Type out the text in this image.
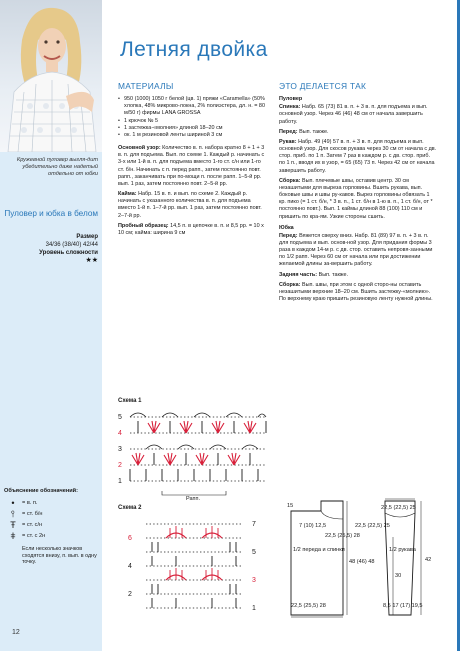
Кружевной пуловер выгля-дит убедительно даже надетый отдельно от юбки
Пуловер и юбка в белом
Размер
34/36 (38/40) 42/44
Уровень сложности
★★
Объяснение обозначений:
•	= в. п.
⫯	= ст. б/н
Ŧ	= ст. с/н
ǂ	= ст. с 2н
Если несколько значков сходятся внизу, п. вып. в одну точку.
12
Летняя двойка
МАТЕРИАЛЫ
• 950 (1000) 1050 г белой (цв. 1) пряжи «Caramella» (50% хлопка, 48% микрово-локна, 2% полиэстера, дл. н. = 80 м/50 г) фирмы LANA GROSSA
• 1 крючок № 5
• 1 застежка-«молния» длиной 18–20 см
• ок. 1 м резиновой ленты шириной 3 см

Основной узор: Количество в. п. набора кратно 8 + 1 + 3 в. п. для подъема. Вып. по схеме 1. Каждый р. начинать с 3-х или 1-й в. п. для подъема вместо 1-го ст. с/н или 1-го ст. б/н. Начинать с п. перед рапп., затем постоянно повт. рапп., заканчивать при по-мощи п. после рапп. 1–5-й рр. вып. 1 раз, затем постоянно повт. 2–5-й рр.

Кайма: Набр. 15 в. п. и вып. по схеме 2. Каждый р. начинать с указанного количества в. п. для подъема вместо 1-й п. 1–7-й рр. вып. 1 раз, затем постоянно повт. 2–7-й рр.

Пробный образец: 14,5 п. в цепочке в. п. и 8,5 рр. = 10 х 10 см; кайма: ширина 9 см

ЭТО ДЕЛАЕТСЯ ТАК

Пуловер

Спинка: Набр. 65 (73) 81 в. п. + 3 в. п. для подъема и вып. основной узор. Через 46 (46) 48 см от начала завершить работу.

Перед: Вып. также.

Рукав: Набр. 49 (49) 57 в. п. + 3 в. п. для подъема и вып. основной узор. Для скосов рукава через 30 см от начала с дв. стор. приб. по 1 п. Затем 7 раз в каждом р. с дв. стор. приб. по 1 п., вводя их в узор, = 65 (65) 73 п. Через 42 см от начала завершить работу.

Сборка: Вып. плечевые швы, оставив центр. 30 см незашитыми для выреза горловины. Вшить рукава, вып. боковые швы и швы ру-кавов. Вырез горловины обвязать 1 кр. пико (= 1 ст. б/н, * 3 в. п., 1 ст. б/н в 1-ю в. п., 1 ст. б/н, от * постоянно повт.). Вып. 1 каймы длиной 88 (100) 110 см и пришить по кра-ям. Узкие стороны сшить.

Юбка

Перед: Вяжется сверху вниз. Набр. 81 (89) 97 в. п. + 3 в. п. для подъема и вып. основ-ной узор. Для придания формы 3 раза в каждом 14-м р. с дв. стор. оставить непровя-занными по 1/2 рапп. Через 60 см от начала или при достижении желаемой длины за-вершить работу.

Задняя часть: Вып. также.

Сборка: Вып. швы, при этом с одной сторо-ны оставить незашитыми верхние 18–20 см. Вшить застежку-«молнию». По верхнему краю пришить резиновую ленту нужной длины.

Схема 1
5
4
3
2
1
Рапп.
Схема 2
7
6
5
4
3
2
1
7 (10) 12,5
15
1/2 переда и спинки
22,5 (25,5) 28
48 (46) 48
22,5 (25,5) 28
22,5 (22,5) 25
1/2 рукава
30
42
8,5 17 (17) 19,5
22,5 (22,5) 25
